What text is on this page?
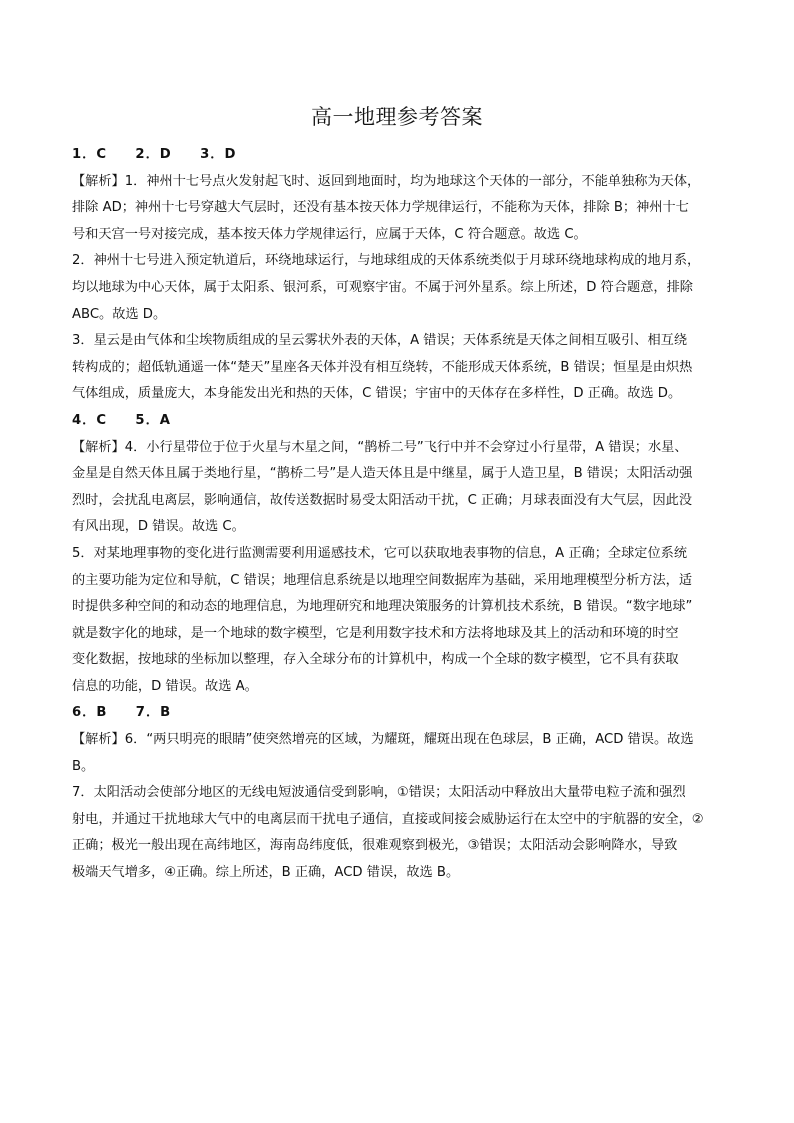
高一地理参考答案
1．C　　2．D　　3．D
【解析】1．神州十七号点火发射起飞时、返回到地面时，均为地球这个天体的一部分，不能单独称为天体，
排除 AD；神州十七号穿越大气层时，还没有基本按天体力学规律运行，不能称为天体，排除 B；神州十七
号和天宫一号对接完成，基本按天体力学规律运行，应属于天体，C 符合题意。故选 C。
2．神州十七号进入预定轨道后，环绕地球运行，与地球组成的天体系统类似于月球环绕地球构成的地月系，
均以地球为中心天体，属于太阳系、银河系，可观察宇宙。不属于河外星系。综上所述，D 符合题意，排除
ABC。故选 D。
3．星云是由气体和尘埃物质组成的呈云雾状外表的天体，A 错误；天体系统是天体之间相互吸引、相互绕
转构成的；超低轨通遥一体“楚天”星座各天体并没有相互绕转，不能形成天体系统，B 错误；恒星是由炽热
气体组成，质量庞大，本身能发出光和热的天体，C 错误；宇宙中的天体存在多样性，D 正确。故选 D。
4．C　　5．A
【解析】4．小行星带位于位于火星与木星之间，“鹊桥二号”飞行中并不会穿过小行星带，A 错误；水星、
金星是自然天体且属于类地行星，“鹊桥二号”是人造天体且是中继星，属于人造卫星，B 错误；太阳活动强
烈时，会扰乱电离层，影响通信，故传送数据时易受太阳活动干扰，C 正确；月球表面没有大气层，因此没
有风出现，D 错误。故选 C。
5．对某地理事物的变化进行监测需要利用遥感技术，它可以获取地表事物的信息，A 正确；全球定位系统
的主要功能为定位和导航，C 错误；地理信息系统是以地理空间数据库为基础，采用地理模型分析方法，适
时提供多种空间的和动态的地理信息，为地理研究和地理决策服务的计算机技术系统，B 错误。“数字地球”
就是数字化的地球，是一个地球的数字模型，它是利用数字技术和方法将地球及其上的活动和环境的时空
变化数据，按地球的坐标加以整理，存入全球分布的计算机中，构成一个全球的数字模型，它不具有获取
信息的功能，D 错误。故选 A。
6．B　　7．B
【解析】6．“两只明亮的眼睛”使突然增亮的区域，为耀斑，耀斑出现在色球层，B 正确，ACD 错误。故选
B。
7．太阳活动会使部分地区的无线电短波通信受到影响，①错误；太阳活动中释放出大量带电粒子流和强烈
射电，并通过干扰地球大气中的电离层而干扰电子通信，直接或间接会威胁运行在太空中的宇航器的安全，②
正确；极光一般出现在高纬地区，海南岛纬度低，很难观察到极光，③错误；太阳活动会影响降水，导致
极端天气增多，④正确。综上所述，B 正确，ACD 错误，故选 B。
